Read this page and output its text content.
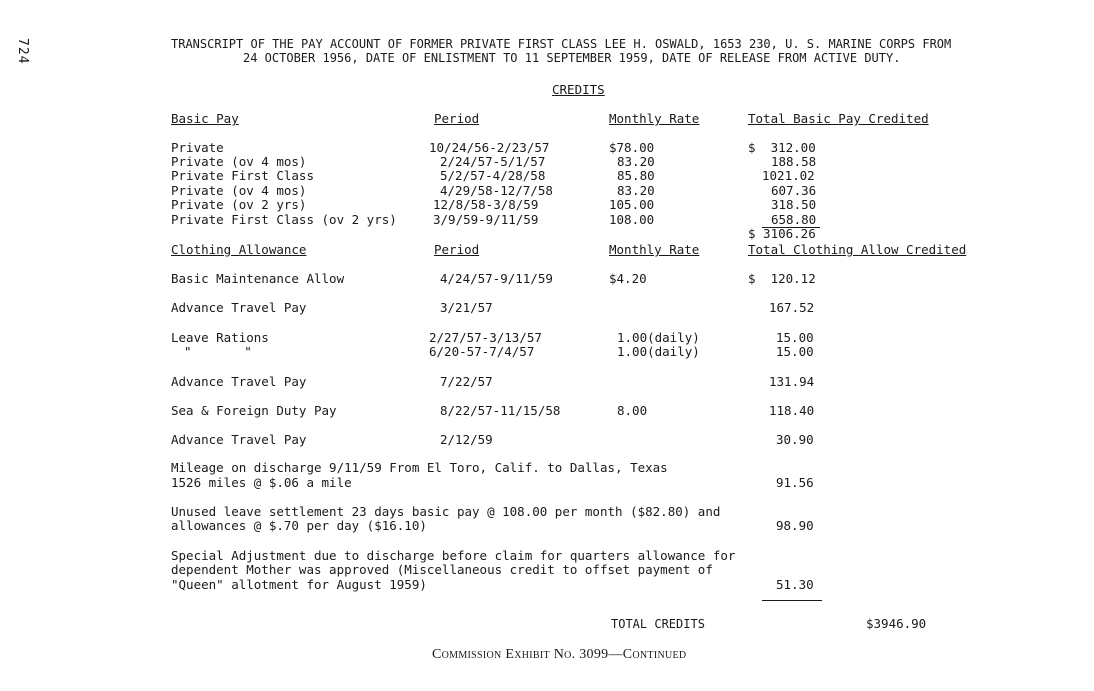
724	TRANSCRIPT OF THE PAY ACCOUNT OF FORMER PRIVATE FIRST CLASS LEE H. OSWALD, 1653 230, U. S. MARINE CORPS FROM
24 OCTOBER 1956, DATE OF ENLISTMENT TO 11 SEPTEMBER 1959, DATE OF RELEASE FROM ACTIVE DUTY.
CREDITS
Basic Pay	Period	Monthly Rate	Total Basic Pay Credited
Private	10/24/56-2/23/57	$78.00	$  312.00
Private (ov 4 mos)	2/24/57-5/1/57	83.20	188.58
Private First Class	5/2/57-4/28/58	85.80	1021.02
Private (ov 4 mos)	4/29/58-12/7/58	83.20	607.36
Private (ov 2 yrs)	12/8/58-3/8/59	105.00	318.50
Private First Class (ov 2 yrs)	3/9/59-9/11/59	108.00	658.80
$ 3106.26
Clothing Allowance	Period	Monthly Rate	Total Clothing Allow Credited
Basic Maintenance Allow	4/24/57-9/11/59	$4.20	$  120.12
Advance Travel Pay	3/21/57	167.52
Leave Rations	2/27/57-3/13/57	1.00(daily)	15.00
"       "	6/20-57-7/4/57	1.00(daily)	15.00
Advance Travel Pay	7/22/57	131.94
Sea & Foreign Duty Pay	8/22/57-11/15/58	8.00	118.40
Advance Travel Pay	2/12/59	30.90
Mileage on discharge 9/11/59 From El Toro, Calif. to Dallas, Texas
1526 miles @ $.06 a mile	91.56
Unused leave settlement 23 days basic pay @ 108.00 per month ($82.80) and
allowances @ $.70 per day ($16.10)	98.90
Special Adjustment due to discharge before claim for quarters allowance for
dependent Mother was approved (Miscellaneous credit to offset payment of
"Queen" allotment for August 1959)	51.30
TOTAL CREDITS	$3946.90
Commission Exhibit No. 3099—Continued
